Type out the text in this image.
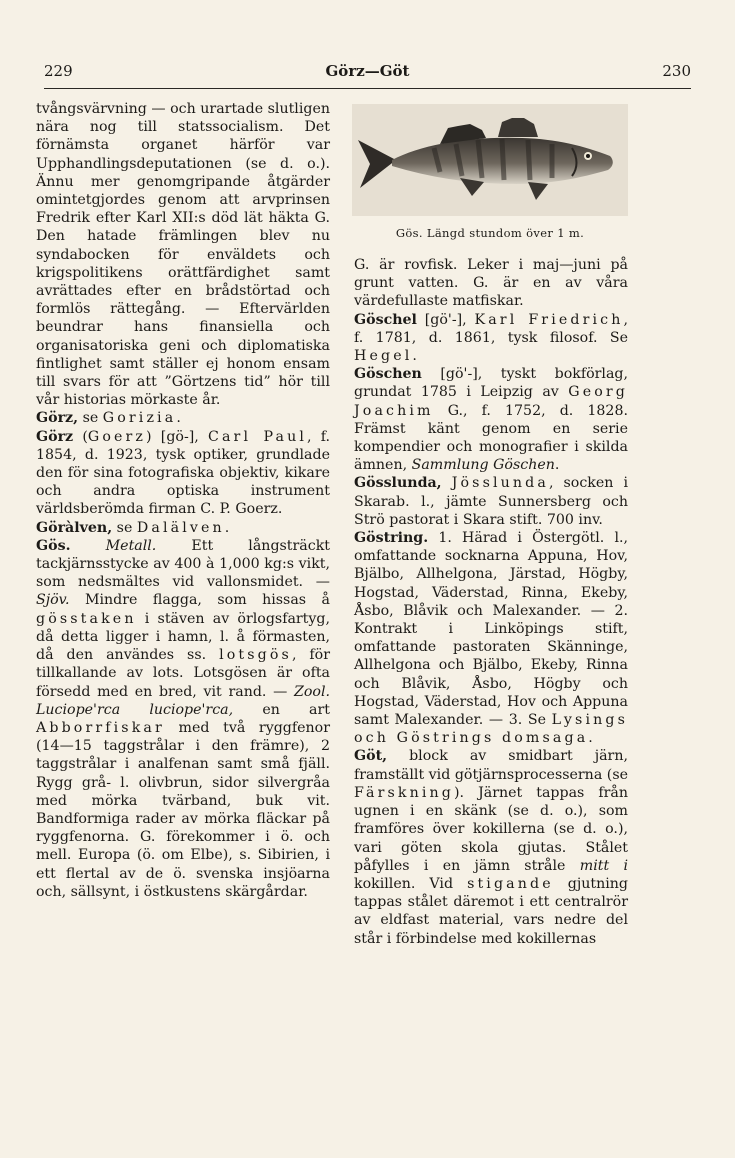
229	Görz—Göt	230

tvångsvärvning — och urartade slutligen nära nog till statssocialism. Det förnämsta organet härför var Upphandlingsdeputationen (se d. o.). Ännu mer genomgripande åtgärder omintetgjordes genom att arvprinsen Fredrik efter Karl XII:s död lät häkta G. Den hatade främlingen blev nu syndabocken för enväldets och krigspolitikens orättfärdighet samt avrättades efter en brådstörtad och formlös rättegång. — Eftervärlden beundrar hans finansiella och organisatoriska geni och diplomatiska fintlighet samt ställer ej honom ensam till svars för att ”Görtzens tid” hör till vår historias mörkaste år.

Görz, se Gorizia.

Görz (Goerz) [gö-], Carl Paul, f. 1854, d. 1923, tysk optiker, grundlade den för sina fotografiska objektiv, kikare och andra optiska instrument världsberömda firman C. P. Goerz.

Göràlven, se Dalälven.

Gös. Metall. Ett långsträckt tackjärnsstycke av 400 à 1,000 kg:s vikt, som nedsmältes vid vallonsmidet. — Sjöv. Mindre flagga, som hissas å gösstaken i stäven av örlogsfartyg, då detta ligger i hamn, l. å förmasten, då den användes ss. lotsgös, för tillkallande av lots. Lotsgösen är ofta försedd med en bred, vit rand. — Zool. Luciope'rca luciope'rca, en art Abborrfiskar med två ryggfenor (14—15 taggstrålar i den främre), 2 taggstrålar i analfenan samt små fjäll. Rygg grå- l. olivbrun, sidor silvergråa med mörka tvärband, buk vit. Bandformiga rader av mörka fläckar på ryggfenorna. G. förekommer i ö. och mell. Europa (ö. om Elbe), s. Sibirien, i ett flertal av de ö. svenska insjöarna och, sällsynt, i östkustens skärgårdar.

Gös. Längd stundom över 1 m.

G. är rovfisk. Leker i maj—juni på grunt vatten. G. är en av våra värdefullaste matfiskar.

Göschel [gö'-], Karl Friedrich, f. 1781, d. 1861, tysk filosof. Se Hegel.

Göschen [gö'-], tyskt bokförlag, grundat 1785 i Leipzig av Georg Joachim G., f. 1752, d. 1828. Främst känt genom en serie kompendier och monografier i skilda ämnen, Sammlung Göschen.

Gösslunda, Jösslunda, socken i Skarab. l., jämte Sunnersberg och Strö pastorat i Skara stift. 700 inv.

Göstring. 1. Härad i Östergötl. l., omfattande socknarna Appuna, Hov, Bjälbo, Allhelgona, Järstad, Högby, Hogstad, Väderstad, Rinna, Ekeby, Åsbo, Blåvik och Malexander. — 2. Kontrakt i Linköpings stift, omfattande pastoraten Skänninge, Allhelgona och Bjälbo, Ekeby, Rinna och Blåvik, Åsbo, Högby och Hogstad, Väderstad, Hov och Appuna samt Malexander. — 3. Se Lysings och Göstrings domsaga.

Göt, block av smidbart järn, framställt vid götjärnsprocesserna (se Färskning). Järnet tappas från ugnen i en skänk (se d. o.), som framföres över kokillerna (se d. o.), vari göten skola gjutas. Stålet påfylles i en jämn stråle mitt i kokillen. Vid stigande gjutning tappas stålet däremot i ett centralrör av eldfast material, vars nedre del står i förbindelse med kokillernas
